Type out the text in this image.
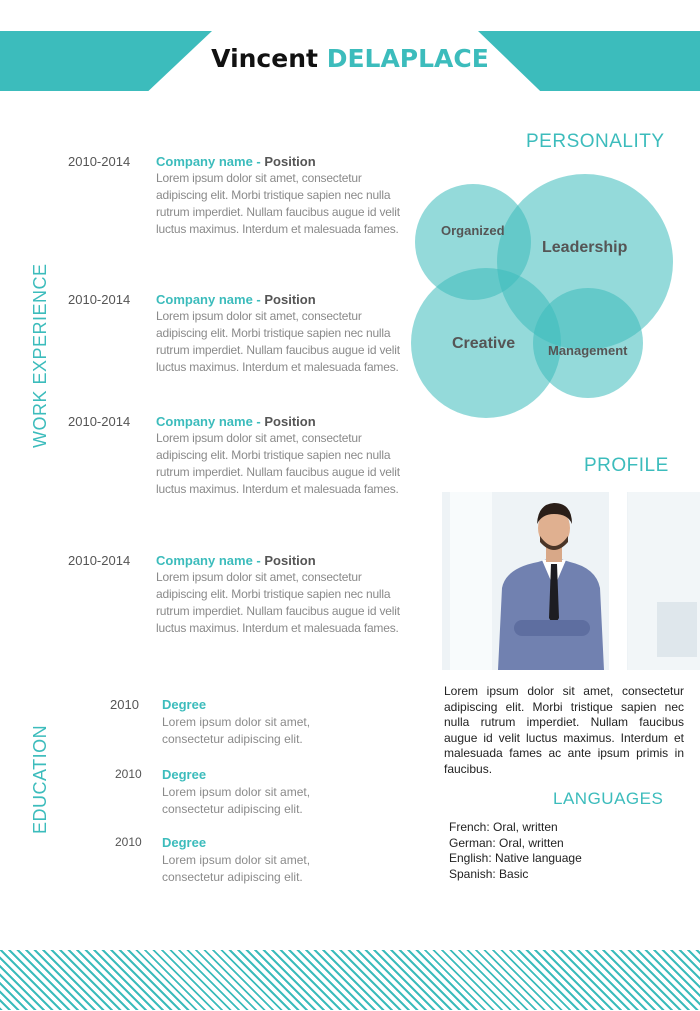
Vincent DELAPLACE
WORK EXPERIENCE
2010-2014 Company name - Position
Lorem ipsum dolor sit amet, consectetur adipiscing elit. Morbi tristique sapien nec nulla rutrum imperdiet. Nullam faucibus augue id velit luctus maximus. Interdum et malesuada fames.
2010-2014 Company name - Position
Lorem ipsum dolor sit amet, consectetur adipiscing elit. Morbi tristique sapien nec nulla rutrum imperdiet. Nullam faucibus augue id velit luctus maximus. Interdum et malesuada fames.
2010-2014 Company name - Position
Lorem ipsum dolor sit amet, consectetur adipiscing elit. Morbi tristique sapien nec nulla rutrum imperdiet. Nullam faucibus augue id velit luctus maximus. Interdum et malesuada fames.
2010-2014 Company name - Position
Lorem ipsum dolor sit amet, consectetur adipiscing elit. Morbi tristique sapien nec nulla rutrum imperdiet. Nullam faucibus augue id velit luctus maximus. Interdum et malesuada fames.
EDUCATION
2010 Degree
Lorem ipsum dolor sit amet, consectetur adipiscing elit.
2010 Degree
Lorem ipsum dolor sit amet, consectetur adipiscing elit.
2010 Degree
Lorem ipsum dolor sit amet, consectetur adipiscing elit.
PERSONALITY
Organized
Leadership
Creative	Management
PROFILE
Lorem ipsum dolor sit amet, consectetur adipiscing elit. Morbi tristique sapien nec nulla rutrum imperdiet. Nullam faucibus augue id velit luctus maximus. Interdum et malesuada fames ac ante ipsum primis in faucibus.
LANGUAGES
French: Oral, written
German: Oral, written
English: Native language
Spanish: Basic
